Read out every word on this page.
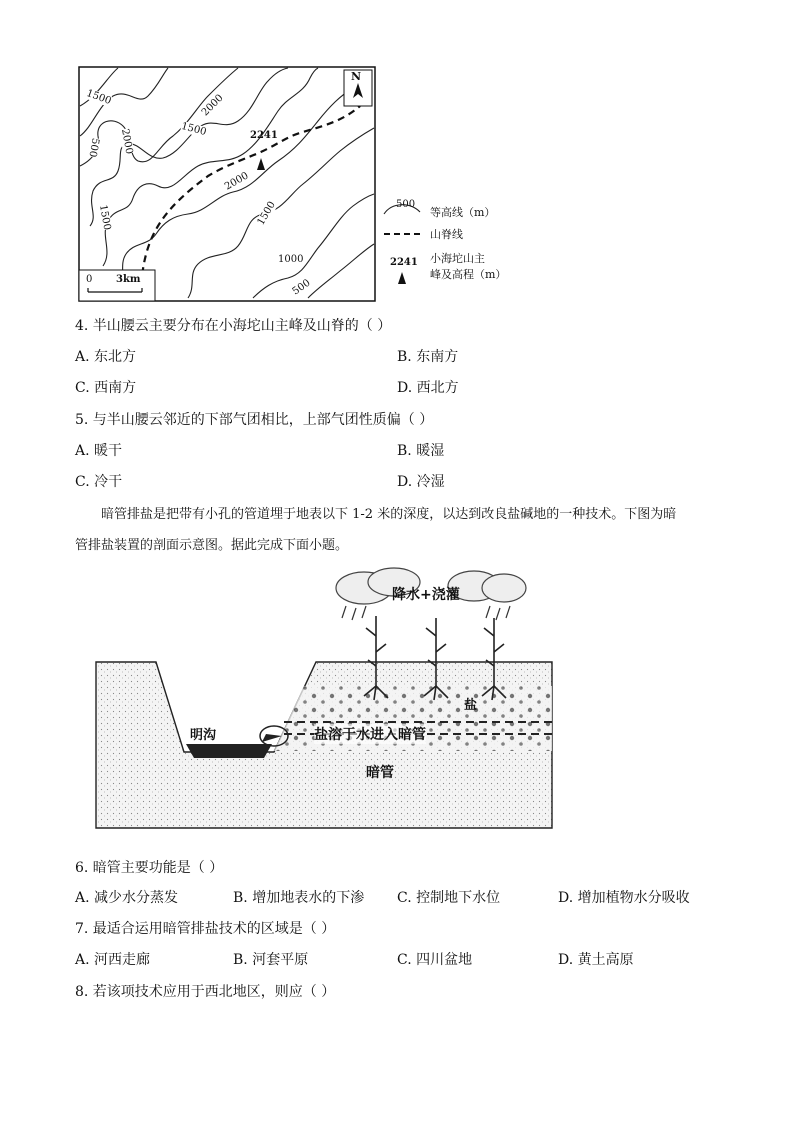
N
1500	2000
1500
2000	2241
2000
1500
1000
500
1500
500
0 3km
500
等高线（m）
山脊线
2241 小海坨山主
峰及高程（m）
4. 半山腰云主要分布在小海坨山主峰及山脊的（ ）
A. 东北方	B. 东南方
C. 西南方	D. 西北方
5. 与半山腰云邻近的下部气团相比，上部气团性质偏（ ）
A. 暖干	B. 暖湿
C. 冷干	D. 冷湿
暗管排盐是把带有小孔的管道埋于地表以下 1-2 米的深度，以达到改良盐碱地的一种技术。下图为暗
管排盐装置的剖面示意图。据此完成下面小题。
降水+浇灌
盐
明沟	盐溶于水进入暗管
暗管
6. 暗管主要功能是（ ）
A. 减少水分蒸发	B. 增加地表水的下渗 C. 控制地下水位	D. 增加植物水分吸收
7. 最适合运用暗管排盐技术的区域是（ ）
A. 河西走廊	B. 河套平原	C. 四川盆地	D. 黄土高原
8. 若该项技术应用于西北地区，则应（ ）
